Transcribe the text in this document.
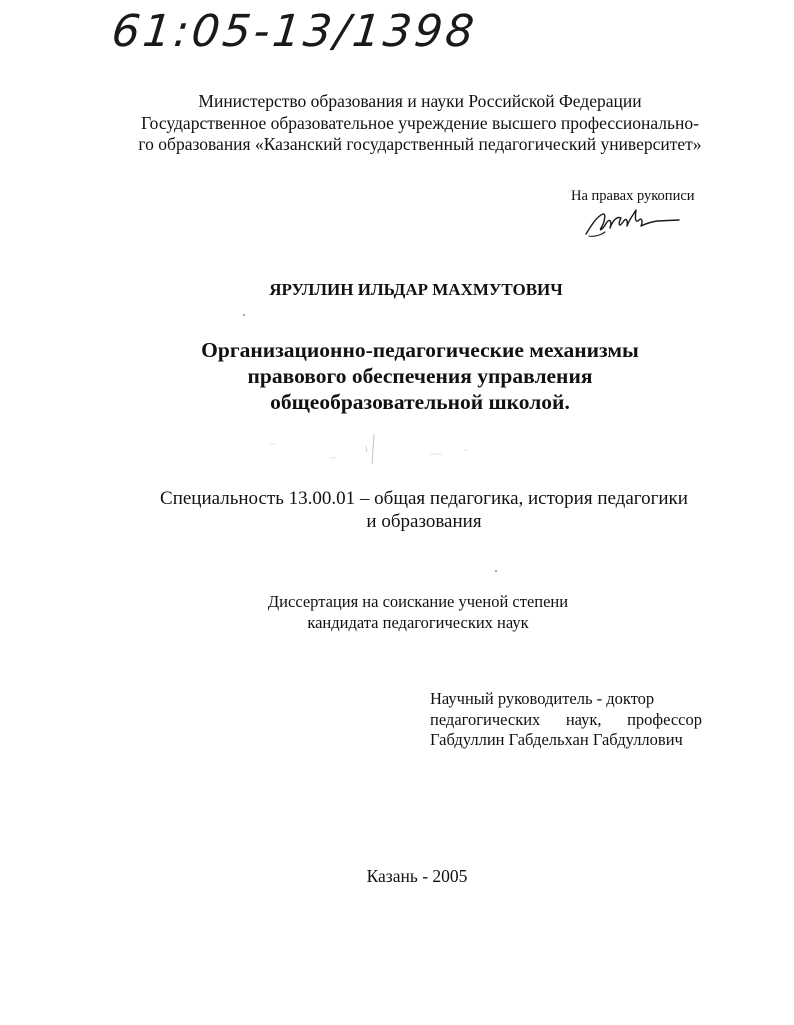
61:05-13/1398
Министерство образования и науки Российской Федерации
Государственное образовательное учреждение высшего профессионально-
го образования «Казанский государственный педагогический университет»
На правах рукописи
ЯРУЛЛИН ИЛЬДАР МАХМУТОВИЧ
Организационно-педагогические механизмы
правового обеспечения управления
общеобразовательной школой.
Специальность 13.00.01 – общая педагогика, история педагогики
и образования
Диссертация на соискание ученой степени
кандидата педагогических наук
Научный руководитель - доктор
педагогических наук, профессор
Габдуллин Габдельхан Габдуллович
Казань - 2005
